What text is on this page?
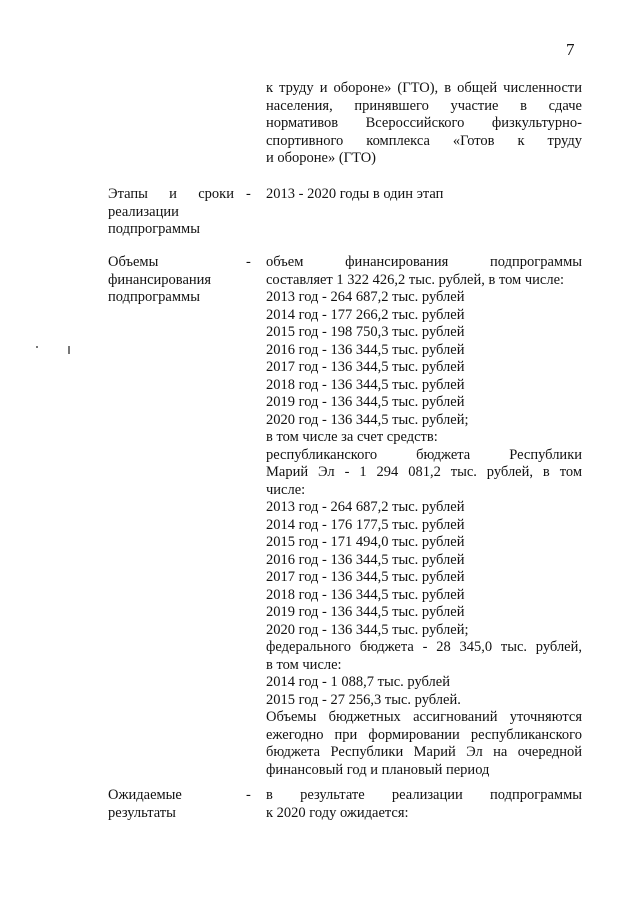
7
к труду и обороне» (ГТО), в общей численности
населения, принявшего участие в сдаче
нормативов Всероссийского физкультурно-
спортивного комплекса «Готов к труду
и обороне» (ГТО)
Этапы и сроки
реализации
подпрограммы
- 2013 - 2020 годы в один этап
Объемы финансирования подпрограммы
- объем финансирования подпрограммы
составляет 1 322 426,2 тыс. рублей, в том числе:
2013 год - 264 687,2 тыс. рублей
2014 год - 177 266,2 тыс. рублей
2015 год - 198 750,3 тыс. рублей
2016 год - 136 344,5 тыс. рублей
2017 год - 136 344,5 тыс. рублей
2018 год - 136 344,5 тыс. рублей
2019 год - 136 344,5 тыс. рублей
2020 год - 136 344,5 тыс. рублей;
в том числе за счет средств:
республиканского бюджета Республики
Марий Эл - 1 294 081,2 тыс. рублей, в том
числе:
2013 год - 264 687,2 тыс. рублей
2014 год - 176 177,5 тыс. рублей
2015 год - 171 494,0 тыс. рублей
2016 год - 136 344,5 тыс. рублей
2017 год - 136 344,5 тыс. рублей
2018 год - 136 344,5 тыс. рублей
2019 год - 136 344,5 тыс. рублей
2020 год - 136 344,5 тыс. рублей;
федерального бюджета - 28 345,0 тыс. рублей,
в том числе:
2014 год - 1 088,7 тыс. рублей
2015 год - 27 256,3 тыс. рублей.
Объемы бюджетных ассигнований уточняются
ежегодно при формировании республиканского
бюджета Республики Марий Эл на очередной
финансовый год и плановый период
Ожидаемые результаты
- в результате реализации подпрограммы
к 2020 году ожидается:
